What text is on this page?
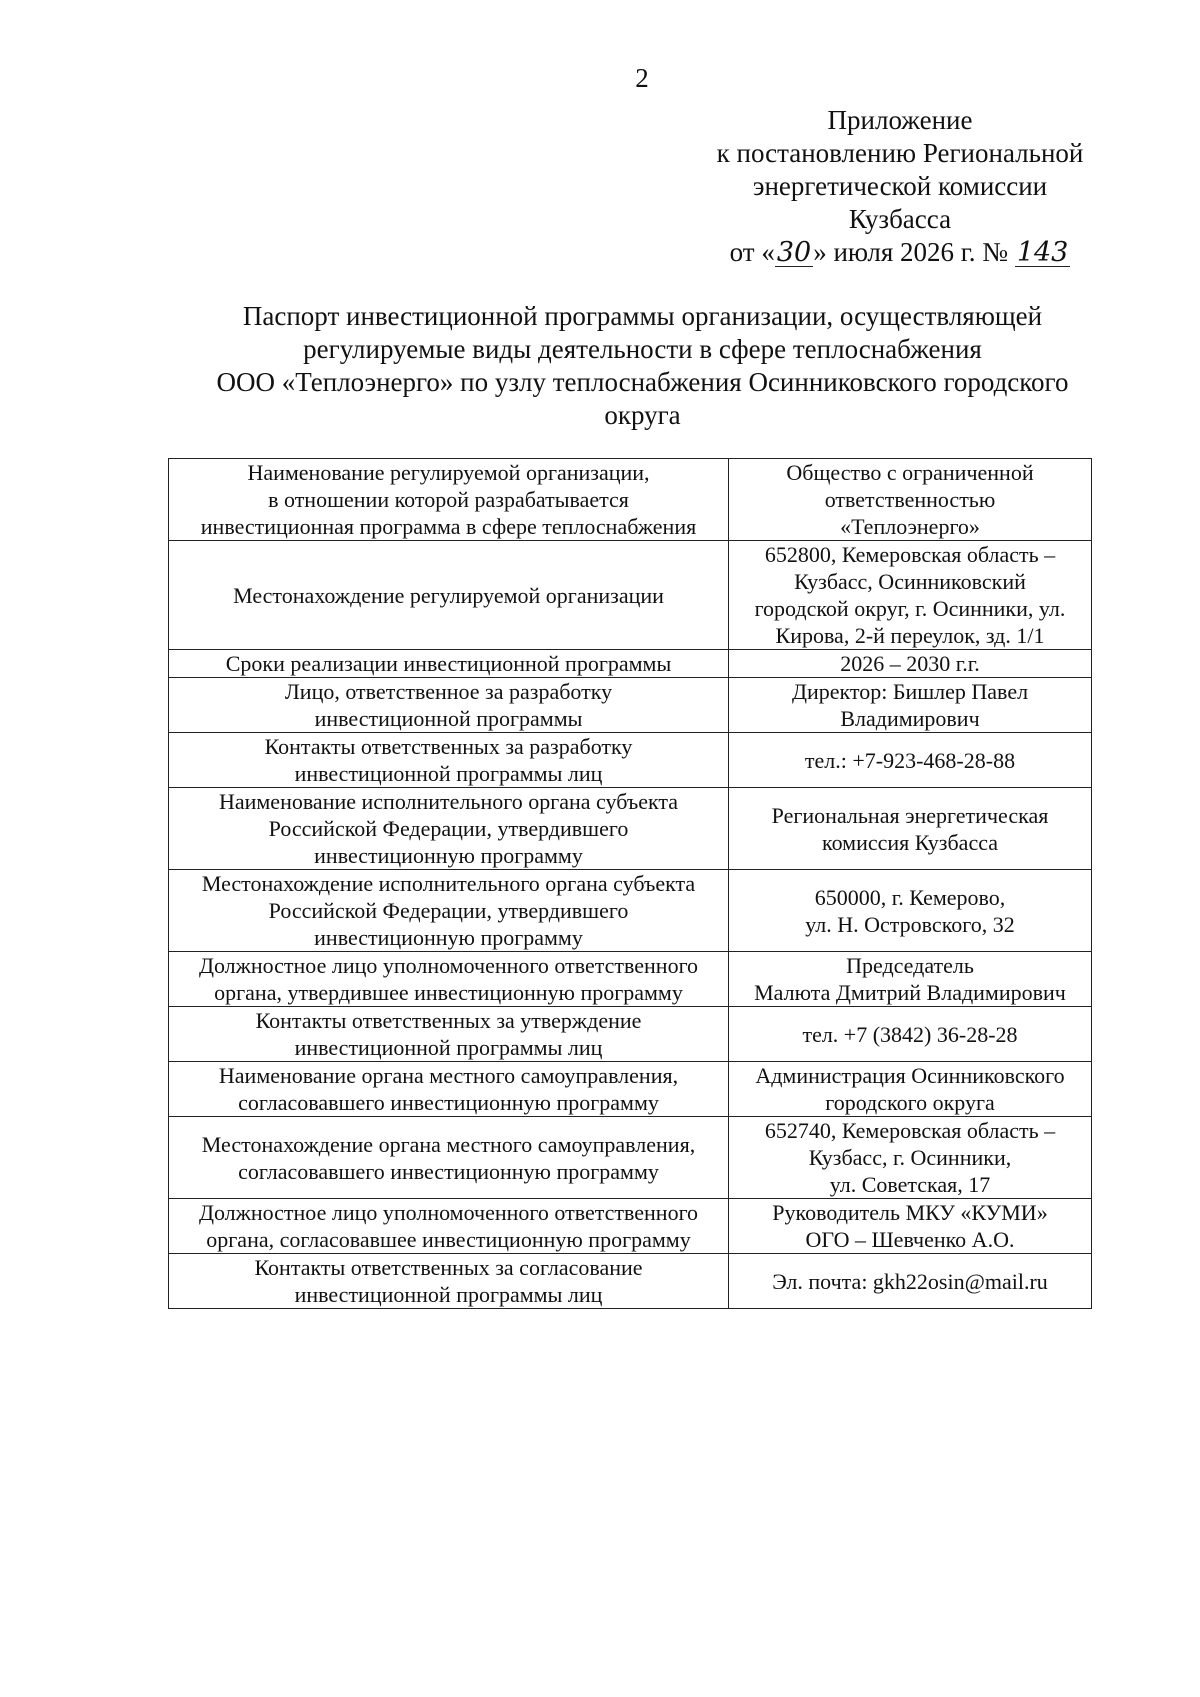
2
Приложение
к постановлению Региональной
энергетической комиссии
Кузбасса
от «30» июля 2026 г. № 143
Паспорт инвестиционной программы организации, осуществляющей
регулируемые виды деятельности в сфере теплоснабжения
ООО «Теплоэнерго» по узлу теплоснабжения Осинниковского городского
округа
Наименование регулируемой организации,
в отношении которой разрабатывается
инвестиционная программа в сфере теплоснабжения	Общество с ограниченной
ответственностью
«Теплоэнерго»
Местонахождение регулируемой организации	652800, Кемеровская область –
Кузбасс, Осинниковский
городской округ, г. Осинники, ул.
Кирова, 2-й переулок, зд. 1/1
Сроки реализации инвестиционной программы	2026 – 2030 г.г.
Лицо, ответственное за разработку
инвестиционной программы	Директор: Бишлер Павел
Владимирович
Контакты ответственных за разработку
инвестиционной программы лиц	тел.: +7-923-468-28-88
Наименование исполнительного органа субъекта
Российской Федерации, утвердившего
инвестиционную программу	Региональная энергетическая
комиссия Кузбасса
Местонахождение исполнительного органа субъекта
Российской Федерации, утвердившего
инвестиционную программу	650000, г. Кемерово,
ул. Н. Островского, 32
Должностное лицо уполномоченного ответственного
органа, утвердившее инвестиционную программу	Председатель
Малюта Дмитрий Владимирович
Контакты ответственных за утверждение
инвестиционной программы лиц	тел. +7 (3842) 36-28-28
Наименование органа местного самоуправления,
согласовавшего инвестиционную программу	Администрация Осинниковского
городского округа
Местонахождение органа местного самоуправления,
согласовавшего инвестиционную программу	652740, Кемеровская область –
Кузбасс, г. Осинники,
ул. Советская, 17
Должностное лицо уполномоченного ответственного
органа, согласовавшее инвестиционную программу	Руководитель МКУ «КУМИ»
ОГО – Шевченко А.О.
Контакты ответственных за согласование
инвестиционной программы лиц	Эл. почта: gkh22osin@mail.ru
